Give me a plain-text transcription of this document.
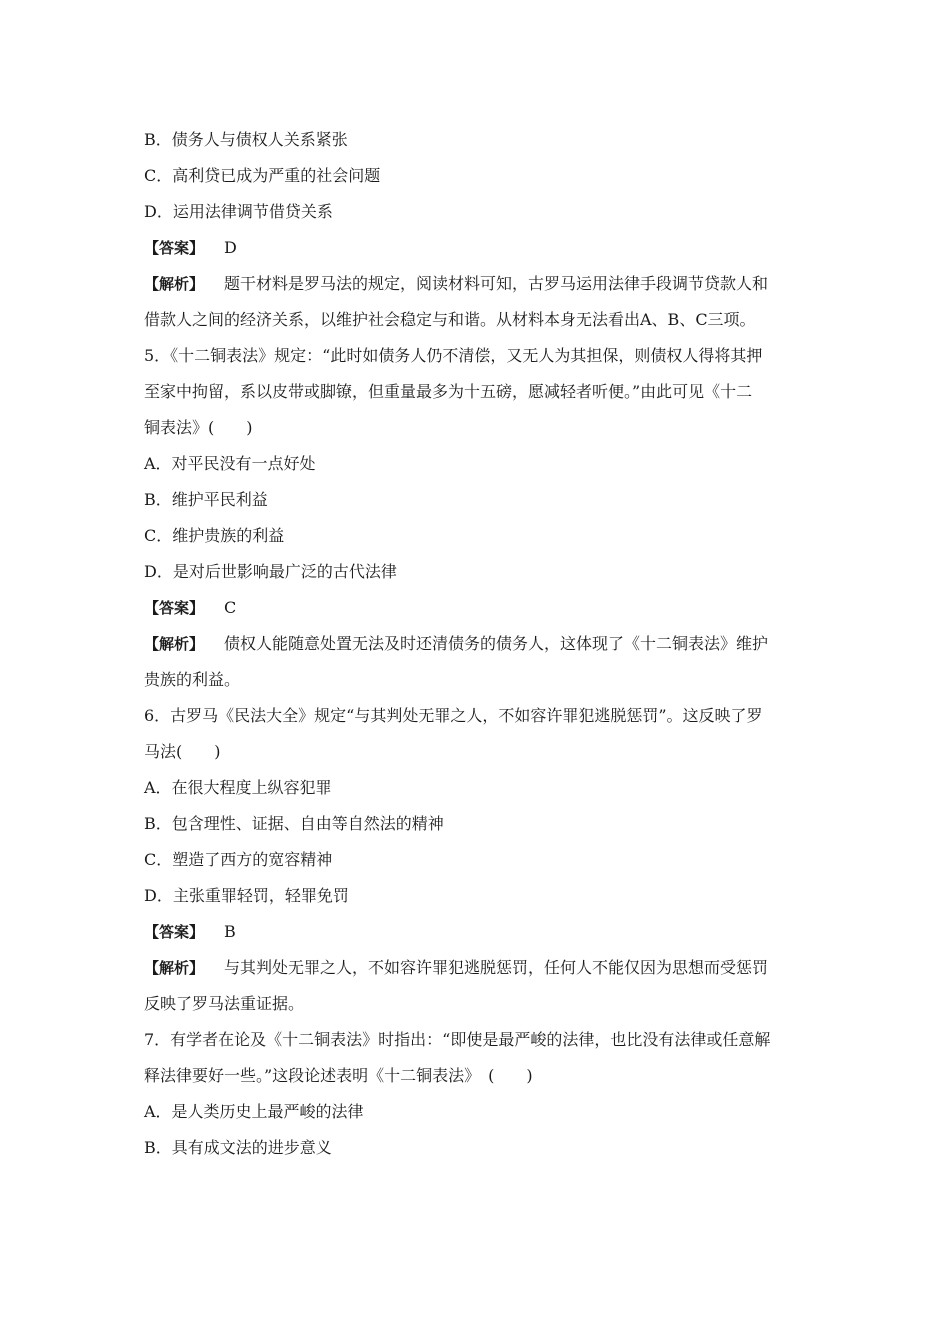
B．债务人与债权人关系紧张

C．高利贷已成为严重的社会问题

D．运用法律调节借贷关系

【答案】 D

【解析】 题干材料是罗马法的规定，阅读材料可知，古罗马运用法律手段调节贷款人和

借款人之间的经济关系，以维护社会稳定与和谐。从材料本身无法看出A、B、C三项。

5．《十二铜表法》规定：“此时如债务人仍不清偿，又无人为其担保，则债权人得将其押

至家中拘留，系以皮带或脚镣，但重量最多为十五磅，愿减轻者听便。”由此可见《十二

铜表法》(　　)

A．对平民没有一点好处

B．维护平民利益

C．维护贵族的利益

D．是对后世影响最广泛的古代法律

【答案】 C

【解析】 债权人能随意处置无法及时还清债务的债务人，这体现了《十二铜表法》维护

贵族的利益。

6．古罗马《民法大全》规定“与其判处无罪之人，不如容许罪犯逃脱惩罚”。这反映了罗

马法(　　)

A．在很大程度上纵容犯罪

B．包含理性、证据、自由等自然法的精神

C．塑造了西方的宽容精神

D．主张重罪轻罚，轻罪免罚

【答案】 B

【解析】 与其判处无罪之人，不如容许罪犯逃脱惩罚，任何人不能仅因为思想而受惩罚

反映了罗马法重证据。

7．有学者在论及《十二铜表法》时指出：“即使是最严峻的法律，也比没有法律或任意解

释法律要好一些。”这段论述表明《十二铜表法》　(　　)

A．是人类历史上最严峻的法律

B．具有成文法的进步意义
